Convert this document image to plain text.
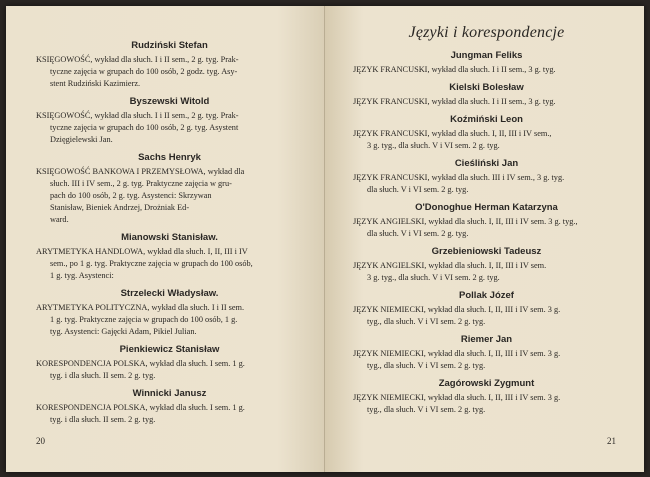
Rudziński Stefan

KSIĘGOWOŚĆ, wykład dla słuch. I i II sem., 2 g. tyg. Prak-
tyczne zajęcia w grupach do 100 osób, 2 godz. tyg. Asy-
stent Rudziński Kazimierz.

Byszewski Witold

KSIĘGOWOŚĆ, wykład dla słuch. I i II sem., 2 g. tyg. Prak-
tyczne zajęcia w grupach do 100 osób, 2 g. tyg. Asystent
Dzięgielewski Jan.

Sachs Henryk

KSIĘGOWOŚĆ BANKOWA I PRZEMYSŁOWA, wykład dla
słuch. III i IV sem., 2 g. tyg. Praktyczne zajęcia w gru-
pach do 100 osób, 2 g. tyg. Asystenci: Skrzywan
Stanisław, Bieniek Andrzej, Drożniak Ed-
ward.

Mianowski Stanisław.

ARYTMETYKA HANDLOWA, wykład dla słuch. I, II, III i IV
sem., po 1 g. tyg. Praktyczne zajęcia w grupach do 100 osób,
1 g. tyg. Asystenci:

Strzelecki Władysław.

ARYTMETYKA POLITYCZNA, wykład dla słuch. I i II sem.
1 g. tyg. Praktyczne zajęcia w grupach do 100 osób, 1 g.
tyg. Asystenci: Gajęcki Adam, Pikiel Julian.

Pienkiewicz Stanisław

KORESPONDENCJA POLSKA, wykład dla słuch. I sem. 1 g.
tyg. i dla słuch. II sem. 2 g. tyg.

Winnicki Janusz

KORESPONDENCJA POLSKA, wykład dla słuch. I sem. 1 g.
tyg. i dla słuch. II sem. 2 g. tyg.

20
Języki i korespondencje
Jungman Feliks

JĘZYK FRANCUSKI, wykład dla słuch. I i II sem., 3 g. tyg.

Kielski Bolesław

JĘZYK FRANCUSKI, wykład dla słuch. I i II sem., 3 g. tyg.

Koźmiński Leon

JĘZYK FRANCUSKI, wykład dla słuch. I, II, III i IV sem.,
3 g. tyg., dla słuch. V i VI sem. 2 g. tyg.

Cieśliński Jan

JĘZYK FRANCUSKI, wykład dla słuch. III i IV sem., 3 g. tyg.
dla słuch. V i VI sem. 2 g. tyg.

O'Donoghue Herman Katarzyna

JĘZYK ANGIELSKI, wykład dla słuch. I, II, III i IV sem. 3 g. tyg.,
dla słuch. V i VI sem. 2 g. tyg.

Grzebieniowski Tadeusz

JĘZYK ANGIELSKI, wykład dla słuch. I, II, III i IV sem.
3 g. tyg., dla słuch. V i VI sem. 2 g. tyg.

Pollak Józef

JĘZYK NIEMIECKI, wykład dla słuch. I, II, III i IV sem. 3 g.
tyg., dla słuch. V i VI sem. 2 g. tyg.

Riemer Jan

JĘZYK NIEMIECKI, wykład dla słuch. I, II, III i IV sem. 3 g.
tyg., dla słuch. V i VI sem. 2 g. tyg.

Zagórowski Zygmunt

JĘZYK NIEMIECKI, wykład dla słuch. I, II, III i IV sem. 3 g.
tyg., dla słuch. V i VI sem. 2 g. tyg.

21
